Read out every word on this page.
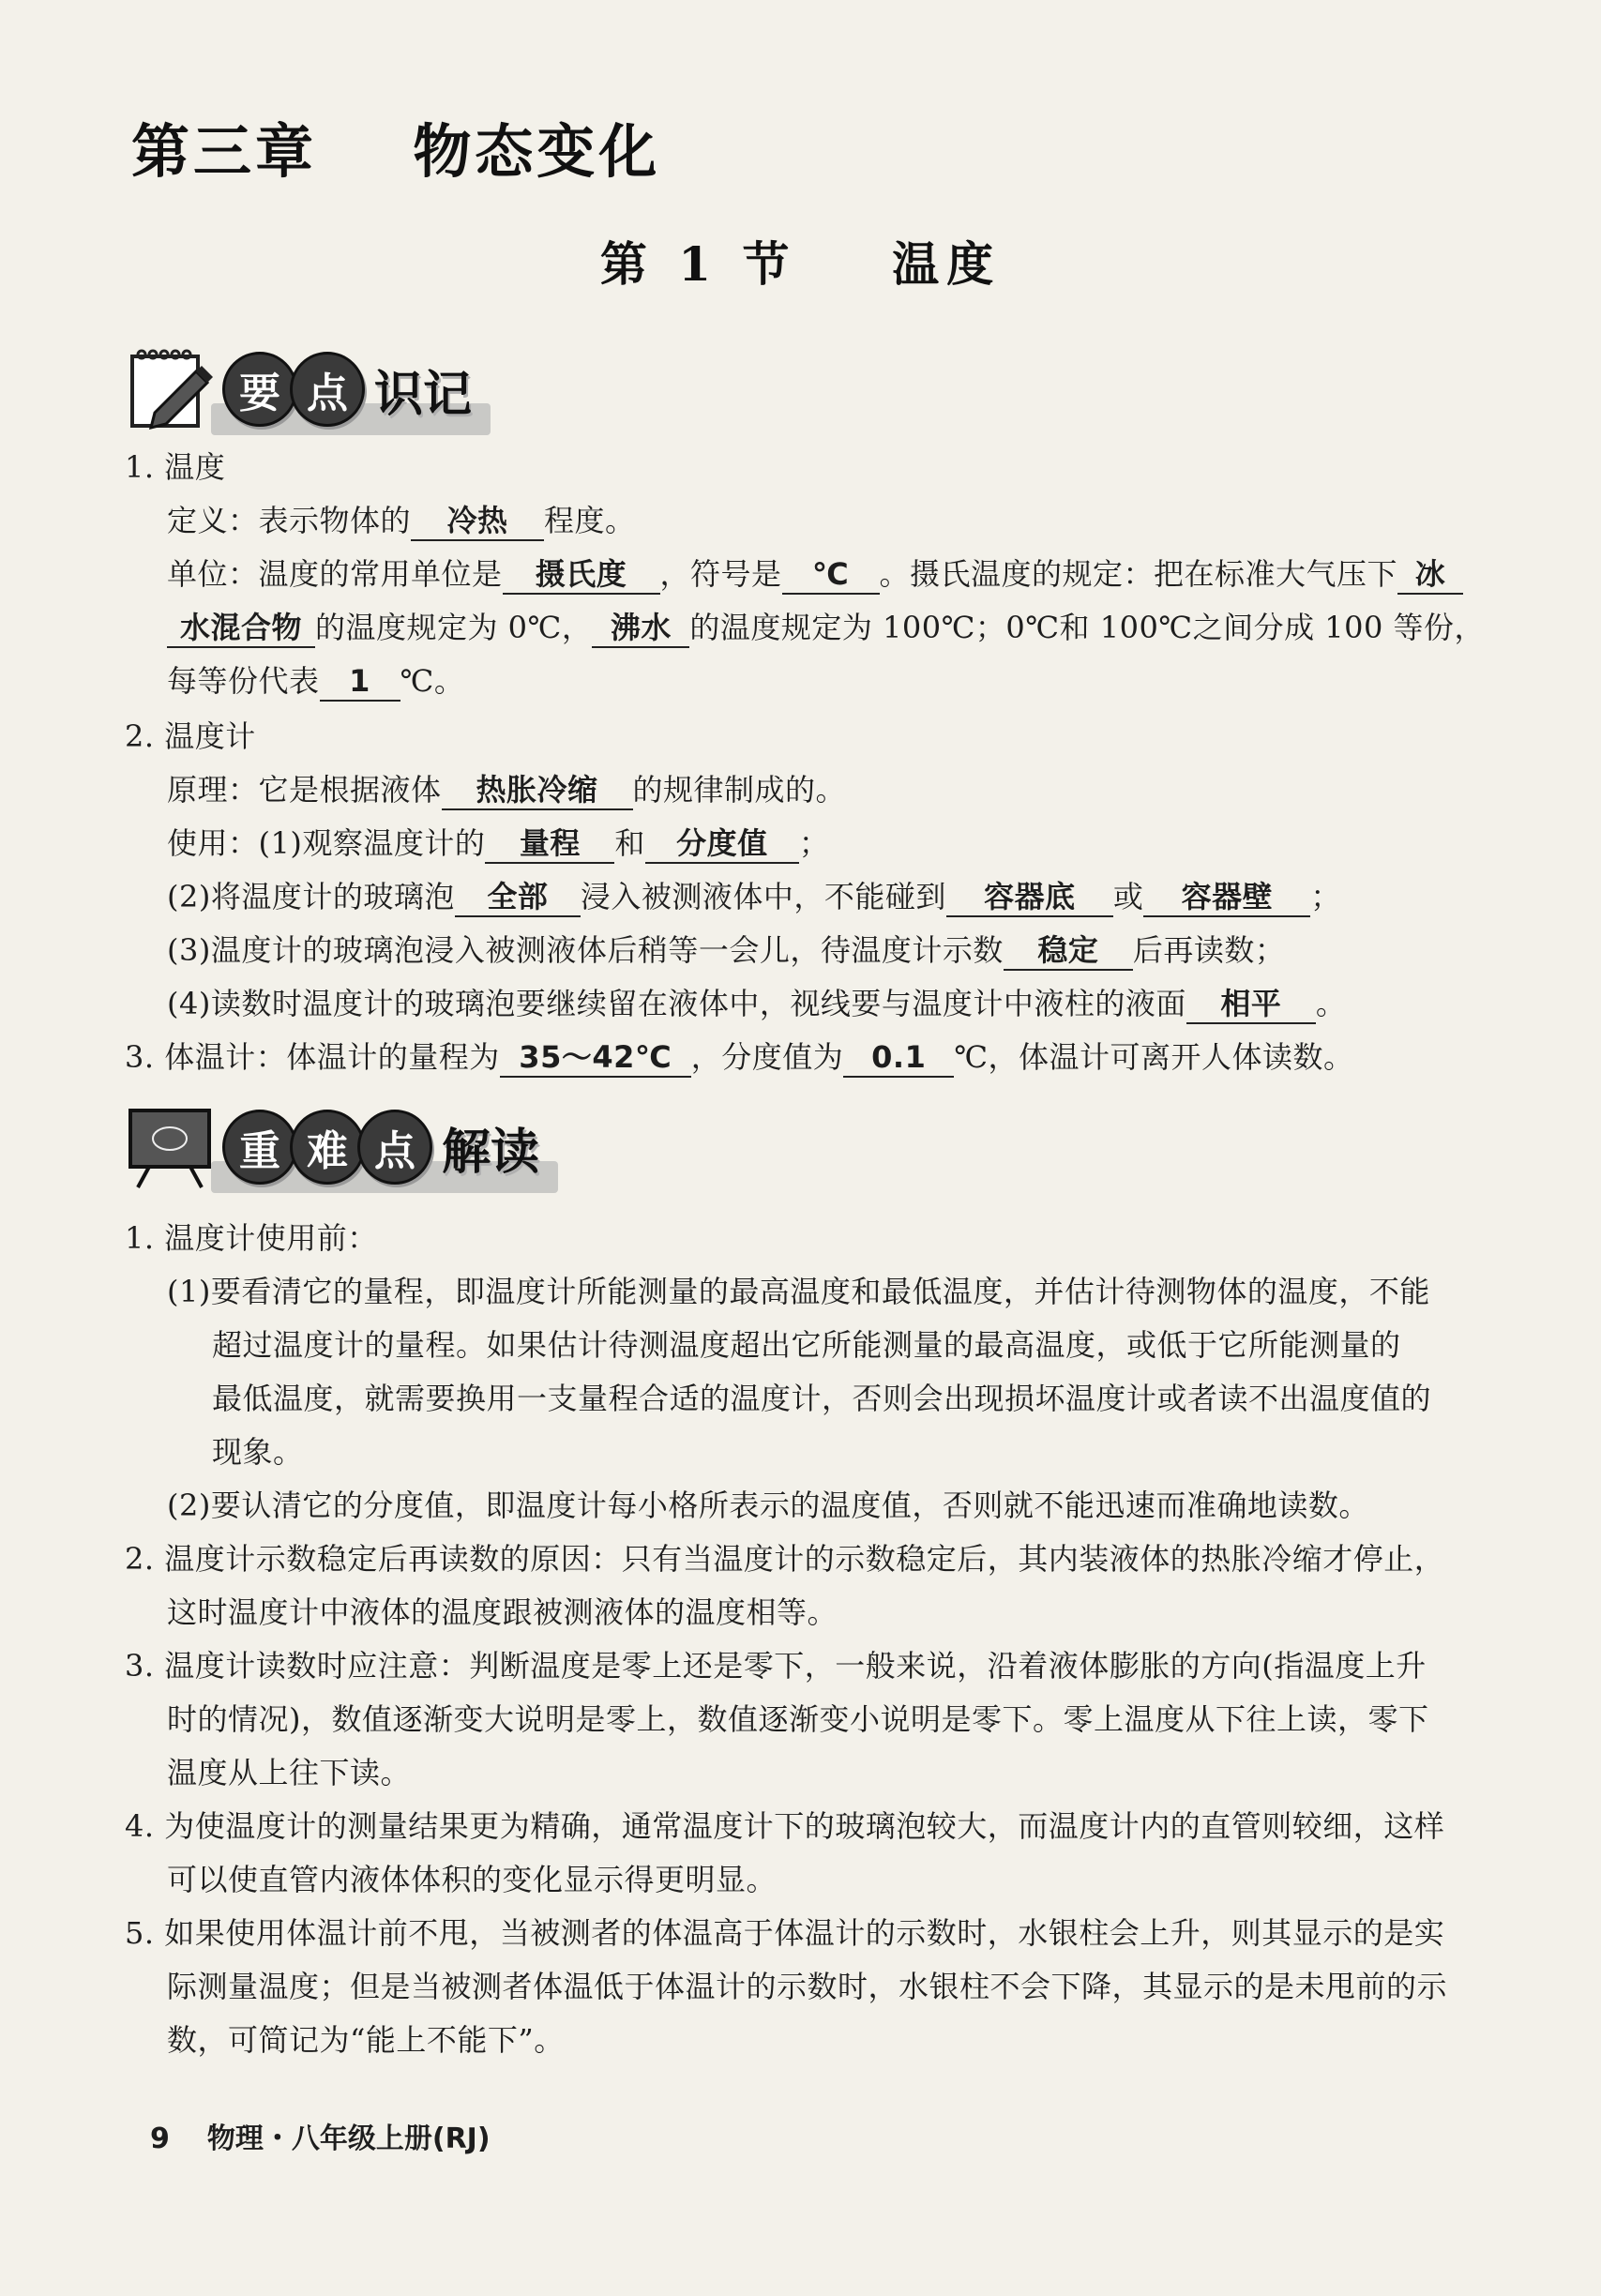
第三章    物态变化
第 1 节    温度
要 点 识记
1. 温度
定义：表示物体的 冷热 程度。
单位：温度的常用单位是 摄氏度 ，符号是 ℃ 。摄氏温度的规定：把在标准大气压下 冰
水混合物 的温度规定为 0℃， 沸水 的温度规定为 100℃；0℃和 100℃之间分成 100 等份，
每等份代表 1 ℃。
2. 温度计
原理：它是根据液体 热胀冷缩 的规律制成的。
使用：(1)观察温度计的 量程 和 分度值 ；
(2)将温度计的玻璃泡 全部 浸入被测液体中，不能碰到 容器底 或 容器壁 ；
(3)温度计的玻璃泡浸入被测液体后稍等一会儿，待温度计示数 稳定 后再读数；
(4)读数时温度计的玻璃泡要继续留在液体中，视线要与温度计中液柱的液面 相平 。
3. 体温计：体温计的量程为 35～42℃ ，分度值为 0.1 ℃，体温计可离开人体读数。
重 难 点 解读
1. 温度计使用前：
(1)要看清它的量程，即温度计所能测量的最高温度和最低温度，并估计待测物体的温度，不能
超过温度计的量程。如果估计待测温度超出它所能测量的最高温度，或低于它所能测量的
最低温度，就需要换用一支量程合适的温度计，否则会出现损坏温度计或者读不出温度值的
现象。
(2)要认清它的分度值，即温度计每小格所表示的温度值，否则就不能迅速而准确地读数。
2. 温度计示数稳定后再读数的原因：只有当温度计的示数稳定后，其内装液体的热胀冷缩才停止，
这时温度计中液体的温度跟被测液体的温度相等。
3. 温度计读数时应注意：判断温度是零上还是零下，一般来说，沿着液体膨胀的方向(指温度上升
时的情况)，数值逐渐变大说明是零上，数值逐渐变小说明是零下。零上温度从下往上读，零下
温度从上往下读。
4. 为使温度计的测量结果更为精确，通常温度计下的玻璃泡较大，而温度计内的直管则较细，这样
可以使直管内液体体积的变化显示得更明显。
5. 如果使用体温计前不甩，当被测者的体温高于体温计的示数时，水银柱会上升，则其显示的是实
际测量温度；但是当被测者体温低于体温计的示数时，水银柱不会下降，其显示的是未甩前的示
数，可简记为“能上不能下”。
9 物理・八年级上册(RJ)
